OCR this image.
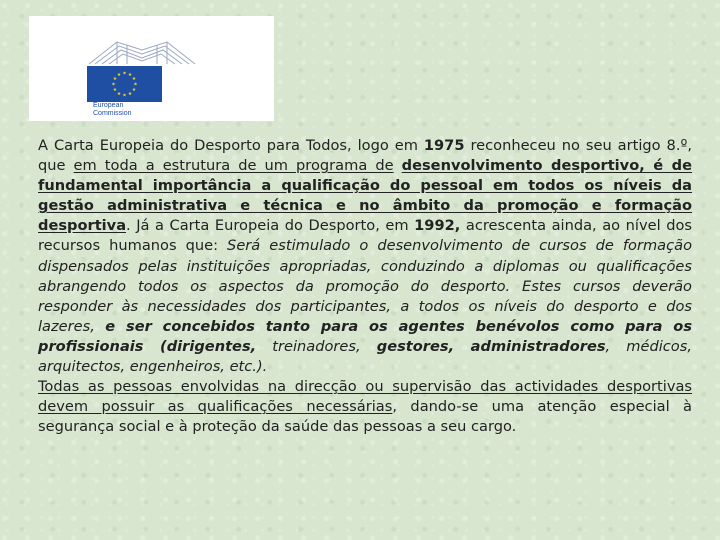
European
Commission

A Carta Europeia do Desporto para Todos, logo em 1975 reconheceu no seu artigo 8.º, que em toda a estrutura de um programa de desenvolvimento desportivo, é de fundamental importância a qualificação do pessoal em todos os níveis da gestão administrativa e técnica e no âmbito da promoção e formação desportiva. Já a Carta Europeia do Desporto, em 1992, acrescenta ainda, ao nível dos recursos humanos que: Será estimulado o desenvolvimento de cursos de formação dispensados pelas instituições apropriadas, conduzindo a diplomas ou qualificações abrangendo todos os aspectos da promoção do desporto. Estes cursos deverão responder às necessidades dos participantes, a todos os níveis do desporto e dos lazeres, e ser concebidos tanto para os agentes benévolos como para os profissionais (dirigentes, treinadores, gestores, administradores, médicos, arquitectos, engenheiros, etc.).

Todas as pessoas envolvidas na direcção ou supervisão das actividades desportivas devem possuir as qualificações necessárias, dando-se uma atenção especial à segurança social e à proteção da saúde das pessoas a seu cargo.
